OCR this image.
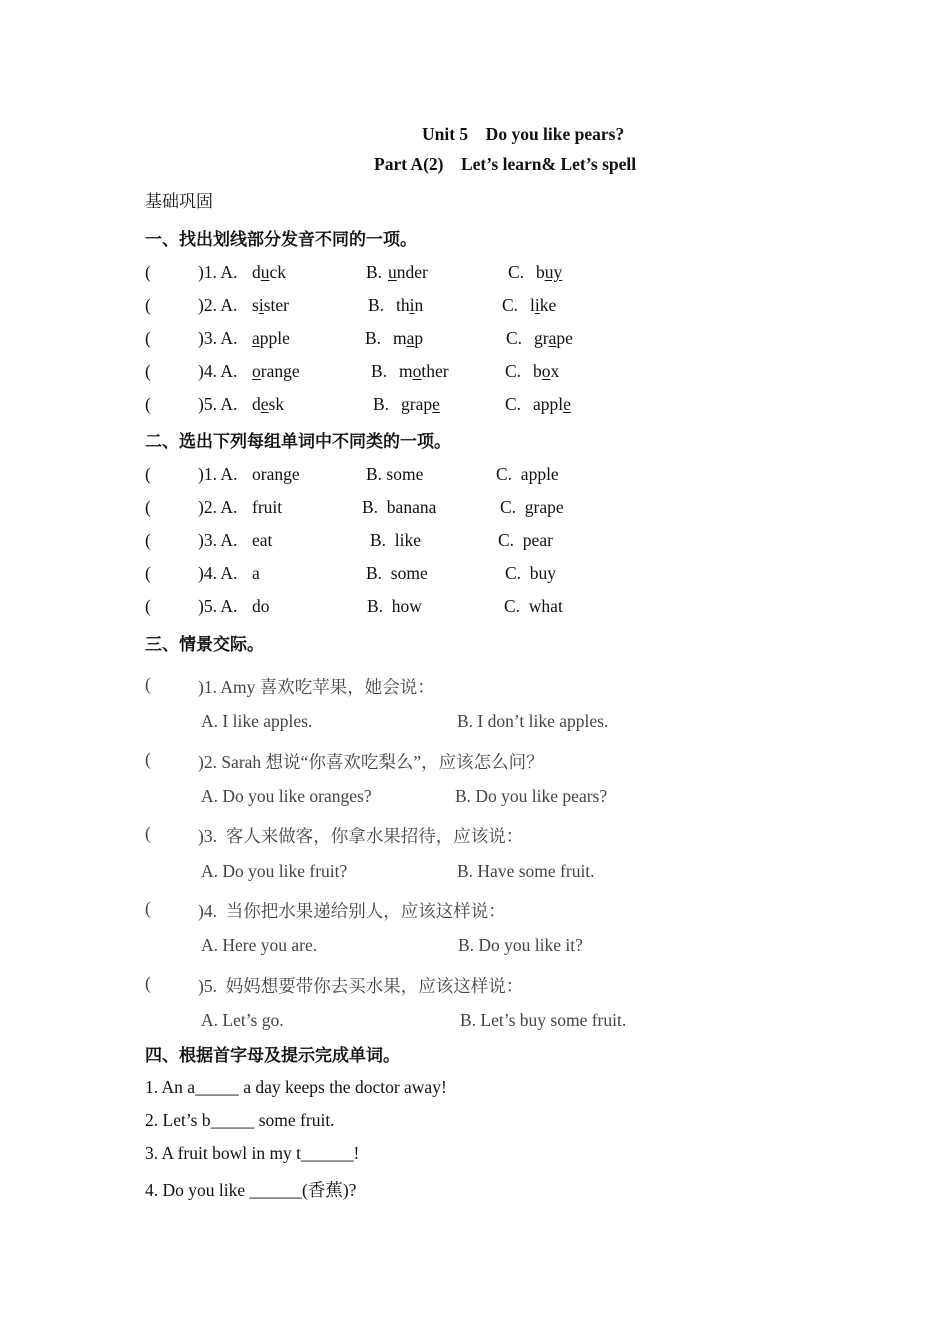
Unit 5    Do you like pears?
Part A(2)    Let’s learn& Let’s spell
基础巩固
一、找出划线部分发音不同的一项。
(	)1. A. duck	B. under	C. buy
(	)2. A. sister	B. thin	C. like
(	)3. A. apple	B. map	C. grape
(	)4. A. orange	B. mother	C. box
(	)5. A. desk	B. grape	C. apple
二、选出下列每组单词中不同类的一项。
(	)1. A. orange	B. some	C.  apple
(	)2. A. fruit	B.  banana	C.  grape
(	)3. A. eat	B.  like	C.  pear
(	)4. A. a	B.  some	C.  buy
(	)5. A. do	B.  how	C.  what
三、情景交际。
(	)1. Amy 喜欢吃苹果，她会说：
A. I like apples.	B. I don’t like apples.
(	)2. Sarah 想说“你喜欢吃梨么”，应该怎么问？
A. Do you like oranges?	B. Do you like pears?
(	)3.  客人来做客，你拿水果招待，应该说：
A. Do you like fruit?	B. Have some fruit.
(	)4.  当你把水果递给别人，应该这样说：
A. Here you are.	B. Do you like it?
(	)5.  妈妈想要带你去买水果，应该这样说：
A. Let’s go.	B. Let’s buy some fruit.
四、根据首字母及提示完成单词。
1. An a_____ a day keeps the doctor away!
2. Let’s b_____ some fruit.
3. A fruit bowl in my t______!
4. Do you like ______(香蕉)?
